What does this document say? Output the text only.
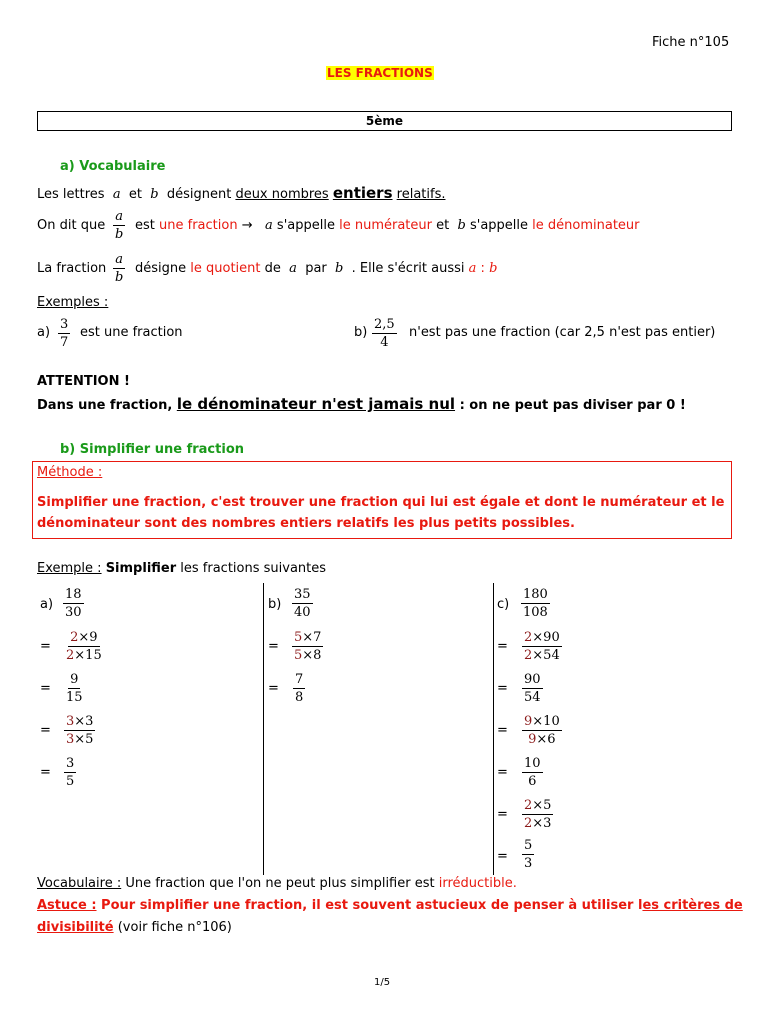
Fiche n°105
LES FRACTIONS
5ème
a) Vocabulaire
Les lettres a et b désignent deux nombres entiers relatifs.
On dit que $\frac{a}{b}$ est une fraction → a s'appelle le numérateur et b s'appelle le dénominateur
La fraction $\frac{a}{b}$ désigne le quotient de a par b . Elle s'écrit aussi a : b
Exemples :
$a) \frac{3}{7}$ est une fraction	$b) \frac{2,5}{4} n'est$ pas une fraction (car 2,5 n'est pas entier)
ATTENTION !
Dans une fraction, le dénominateur n'est jamais nul : on ne peut pas diviser par 0 !
b) Simplifier une fraction
Méthode :
Simplifier une fraction, c'est trouver une fraction qui lui est égale et dont le numérateur et le
dénominateur sont des nombres entiers relatifs les plus petits possibles.
Exemple : Simplifier les fractions suivantes
$a) \frac{18}{30}$
= $\frac{2\times 9}{2\times 15}$
= $\frac{9}{15}$
= $\frac{3\times 3}{3\times 5}$
= $\frac{3}{5}$
$b) \frac{35}{40}$
= $\frac{5\times 7}{5\times 8}$
= $\frac{7}{8}$
$c) \frac{180}{108}$
= $\frac{2\times 90}{2\times 54}$
= $\frac{90}{54}$
= $\frac{9\times 10}{9\times 6}$
= $\frac{10}{6}$
= $\frac{2\times 5}{2\times 3}$
= $\frac{5}{3}$
Vocabulaire : Une fraction que l'on ne peut plus simplifier est irréductible.
Astuce : Pour simplifier une fraction, il est souvent astucieux de penser à utiliser les critères de
divisibilité (voir fiche n°106)
1/5
